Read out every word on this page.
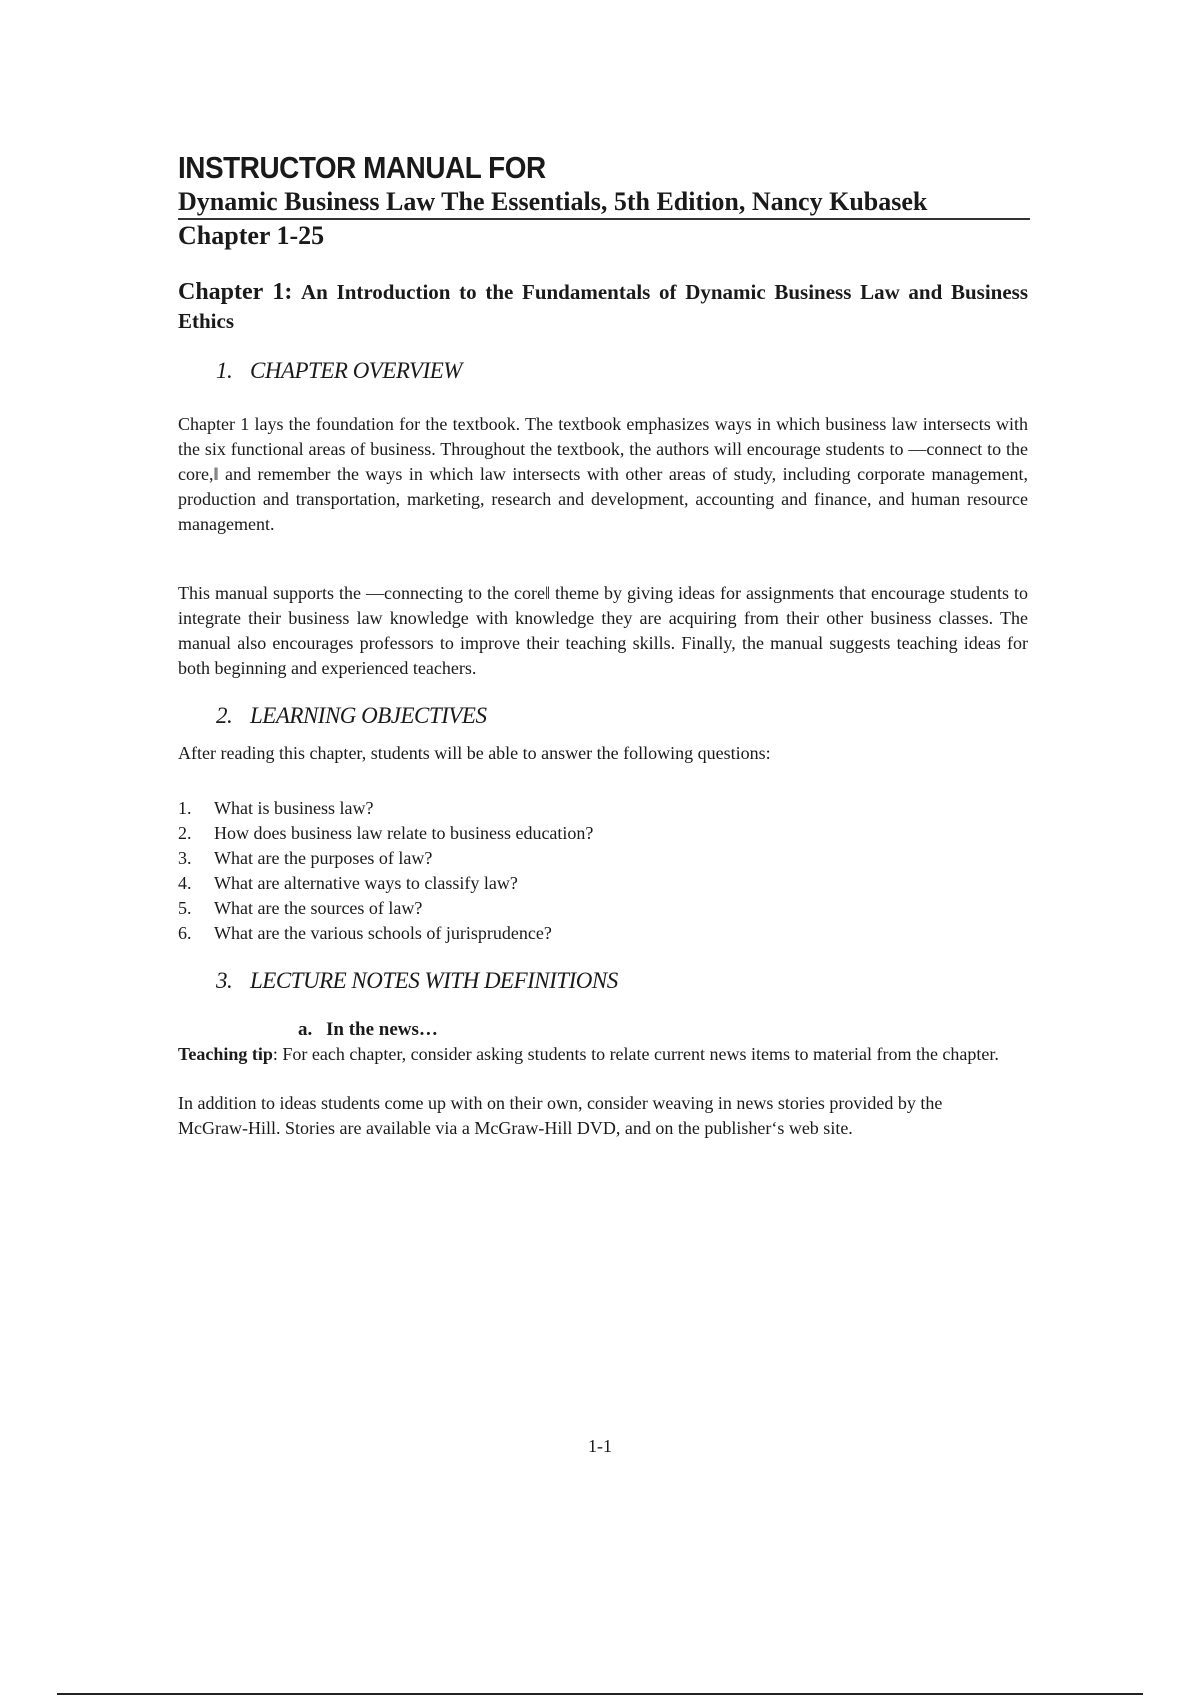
INSTRUCTOR MANUAL FOR
Dynamic Business Law The Essentials, 5th Edition, Nancy Kubasek
Chapter 1-25
Chapter 1: An Introduction to the Fundamentals of Dynamic Business Law and Business Ethics
1. CHAPTER OVERVIEW

Chapter 1 lays the foundation for the textbook. The textbook emphasizes ways in which business law intersects with the six functional areas of business. Throughout the textbook, the authors will encourage students to —connect to the core,‖ and remember the ways in which law intersects with other areas of study, including corporate management, production and transportation, marketing, research and development, accounting and finance, and human resource management.

This manual supports the —connecting to the core‖ theme by giving ideas for assignments that encourage students to integrate their business law knowledge with knowledge they are acquiring from their other business classes. The manual also encourages professors to improve their teaching skills. Finally, the manual suggests teaching ideas for both beginning and experienced teachers.

2. LEARNING OBJECTIVES

After reading this chapter, students will be able to answer the following questions:

1.	What is business law?
2.	How does business law relate to business education?
3.	What are the purposes of law?
4.	What are alternative ways to classify law?
5.	What are the sources of law?
6.	What are the various schools of jurisprudence?
3. LECTURE NOTES WITH DEFINITIONS
a. In the news…

Teaching tip: For each chapter, consider asking students to relate current news items to material from the chapter.

In addition to ideas students come up with on their own, consider weaving in news stories provided by the McGraw-Hill. Stories are available via a McGraw-Hill DVD, and on the publisher‘s web site.

1-1
